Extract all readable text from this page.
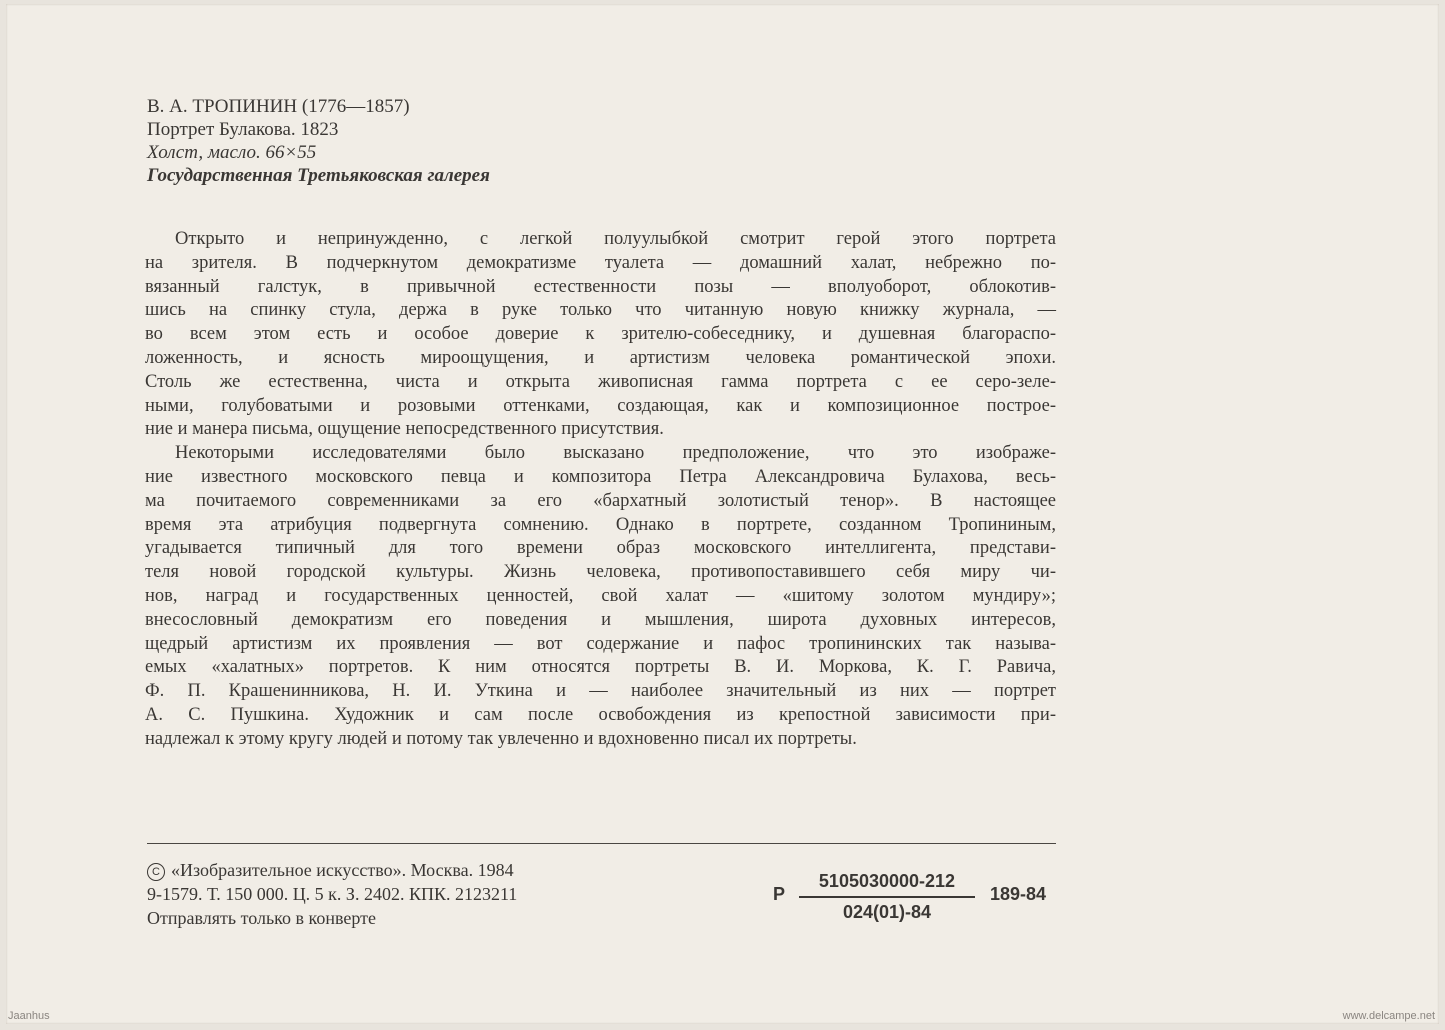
В. А. ТРОПИНИН (1776—1857)
Портрет Булакова. 1823
Холст, масло. 66×55
Государственная Третьяковская галерея
Открыто и непринужденно, с легкой полуулыбкой смотрит герой этого портрета
на зрителя. В подчеркнутом демократизме туалета — домашний халат, небрежно по-
вязанный галстук, в привычной естественности позы — вполуоборот, облокотив-
шись на спинку стула, держа в руке только что читанную новую книжку журнала, —
во всем этом есть и особое доверие к зрителю-собеседнику, и душевная благораспо-
ложенность, и ясность мироощущения, и артистизм человека романтической эпохи.
Столь же естественна, чиста и открыта живописная гамма портрета с ее серо-зеле-
ными, голубоватыми и розовыми оттенками, создающая, как и композиционное построе-
ние и манера письма, ощущение непосредственного присутствия.
Некоторыми исследователями было высказано предположение, что это изображе-
ние известного московского певца и композитора Петра Александровича Булахова, весь-
ма почитаемого современниками за его «бархатный золотистый тенор». В настоящее
время эта атрибуция подвергнута сомнению. Однако в портрете, созданном Тропининым,
угадывается типичный для того времени образ московского интеллигента, представи-
теля новой городской культуры. Жизнь человека, противопоставившего себя миру чи-
нов, наград и государственных ценностей, свой халат — «шитому золотом мундиру»;
внесословный демократизм его поведения и мышления, широта духовных интересов,
щедрый артистизм их проявления — вот содержание и пафос тропининских так называ-
емых «халатных» портретов. К ним относятся портреты В. И. Моркова, К. Г. Равича,
Ф. П. Крашенинникова, Н. И. Уткина и — наиболее значительный из них — портрет
А. С. Пушкина. Художник и сам после освобождения из крепостной зависимости при-
надлежал к этому кругу людей и потому так увлеченно и вдохновенно писал их портреты.
C «Изобразительное искусство». Москва. 1984
9-1579. Т. 150 000. Ц. 5 к. З. 2402. КПК. 2123211
Отправлять только в конверте
Р
5105030000-212
024(01)-84
189-84
Jaanhus	www.delcampe.net
